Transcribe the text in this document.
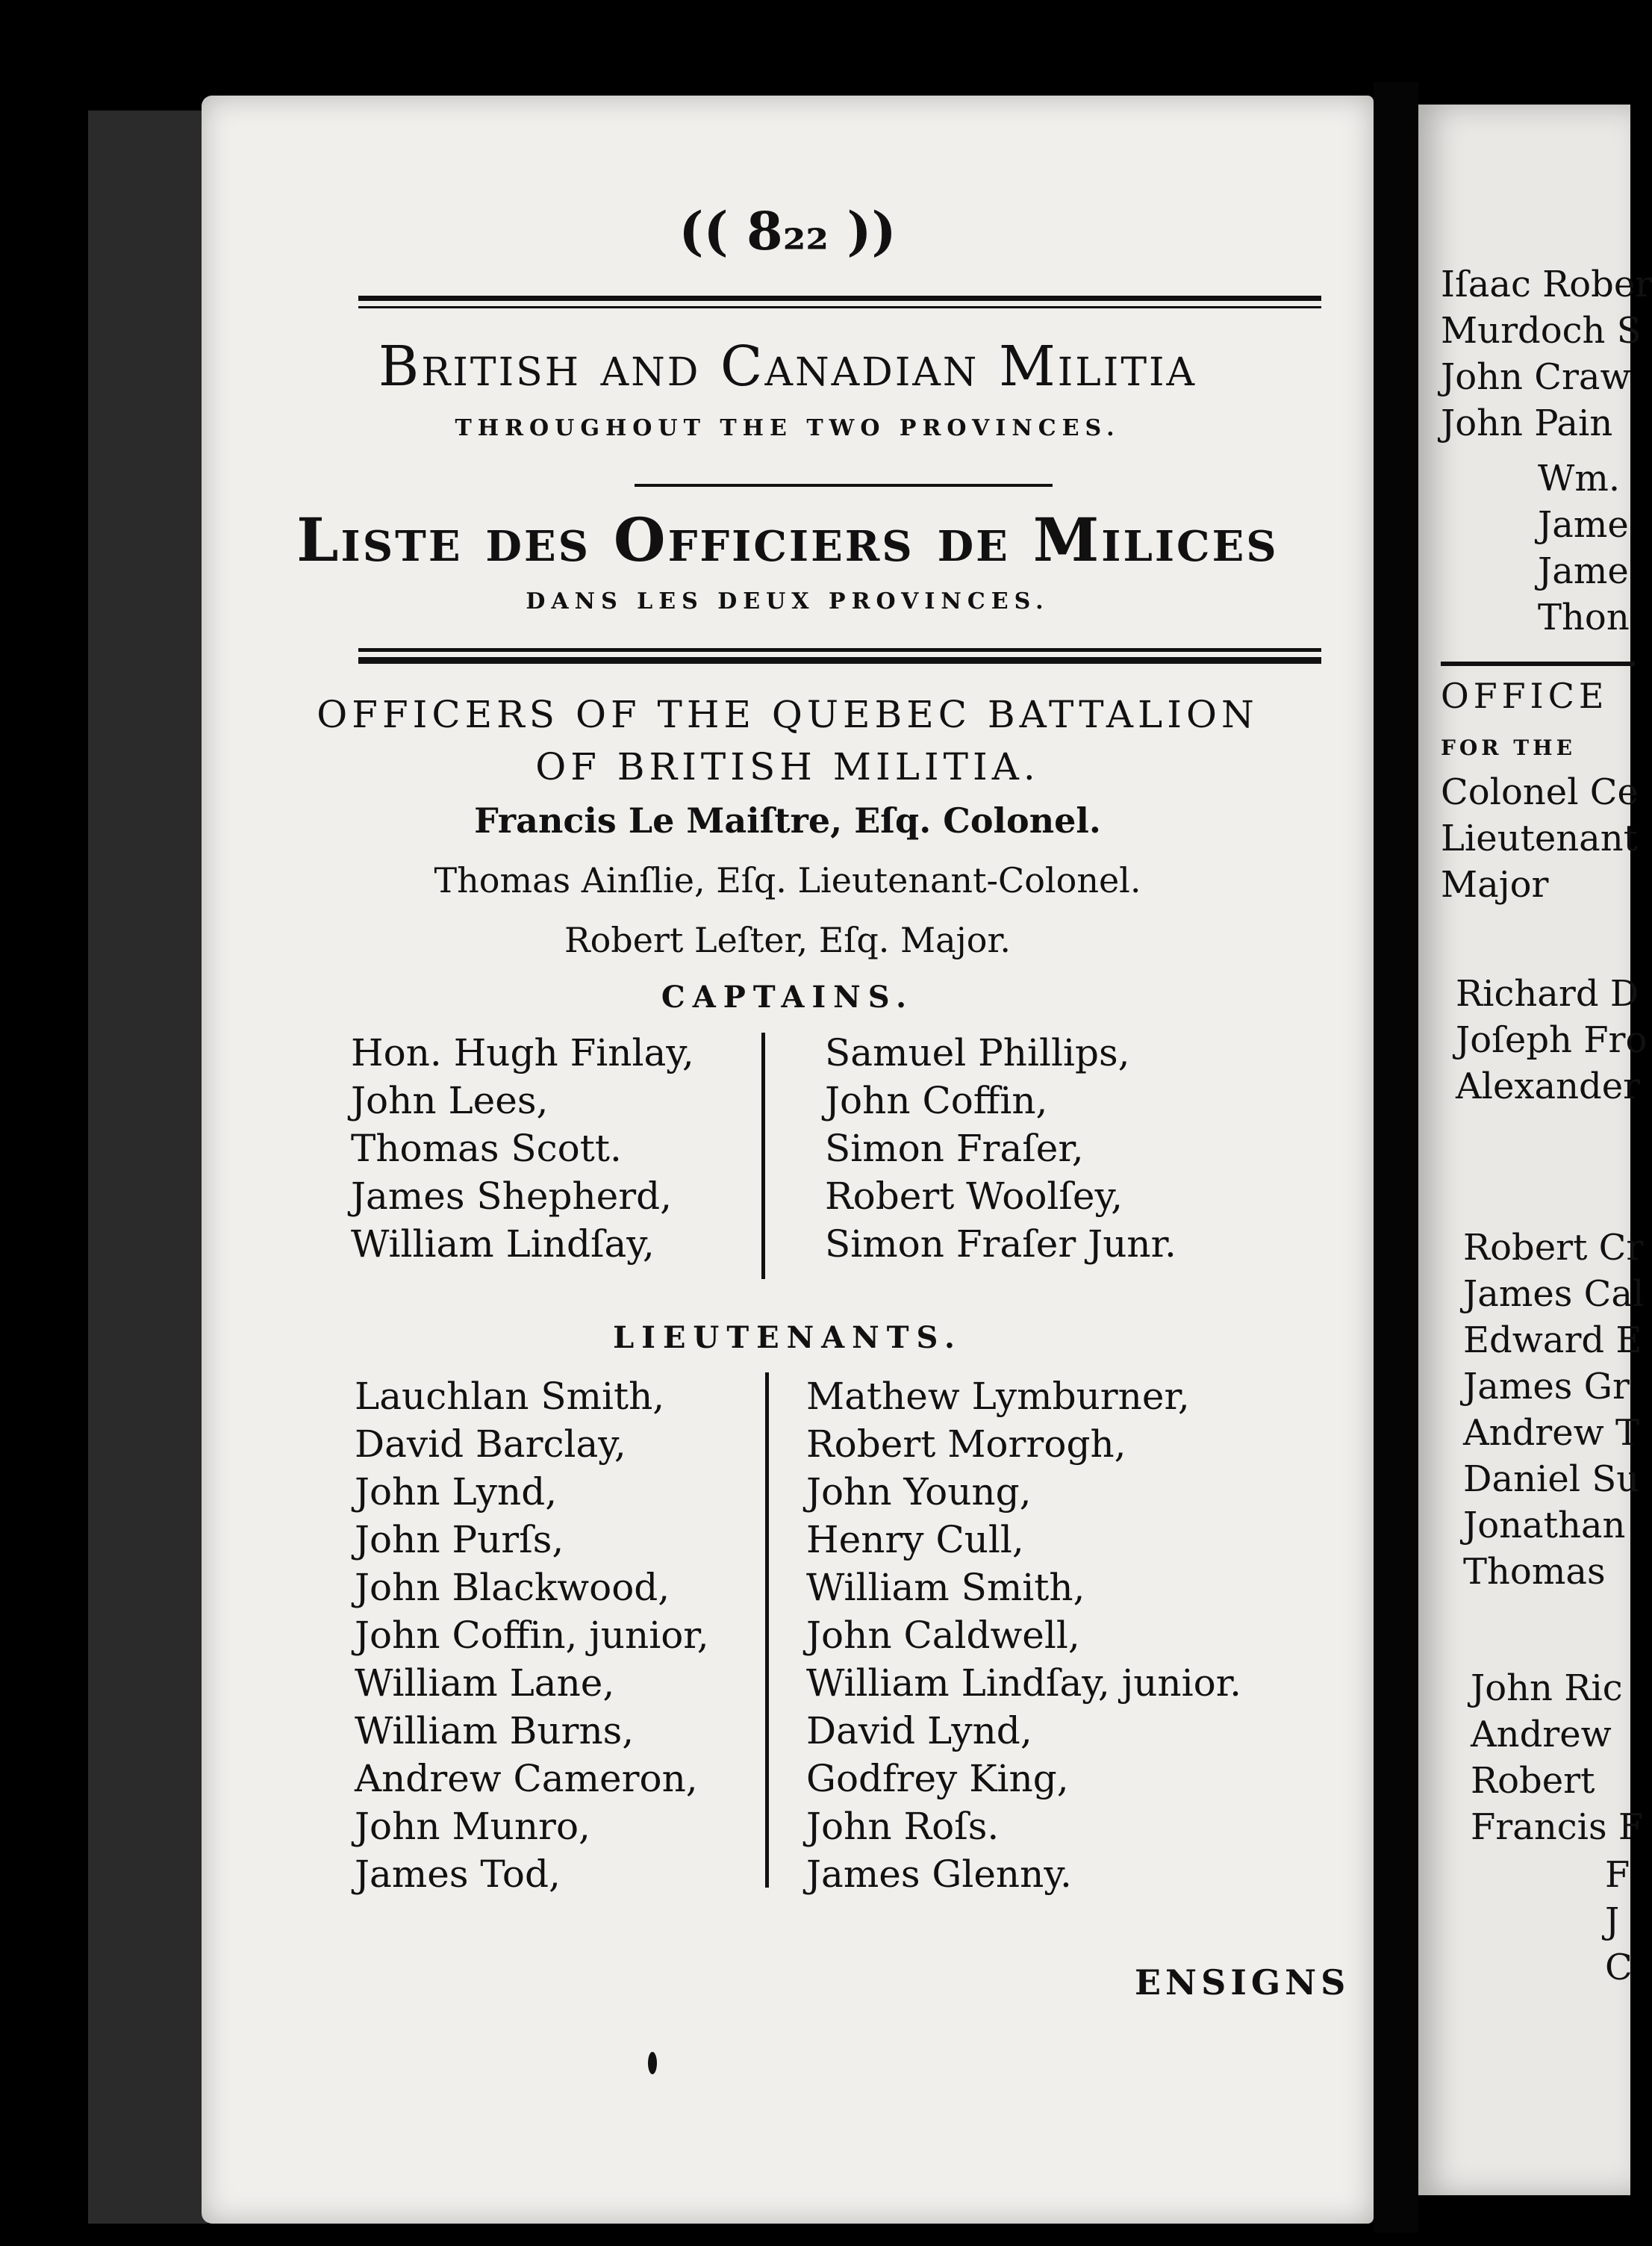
(( 8₂₂ ))
British and Canadian Militia
THROUGHOUT THE TWO PROVINCES.
Liste des Officiers de Milices
DANS LES DEUX PROVINCES.
OFFICERS OF THE QUEBEC BATTALION
OF BRITISH MILITIA.
Francis Le Maiſtre, Eſq. Colonel.
Thomas Ainſlie, Eſq. Lieutenant-Colonel.
Robert Leſter, Eſq. Major.
CAPTAINS.
Hon. Hugh Finlay,
John Lees,
Thomas Scott.
James Shepherd,
William Lindſay,
Samuel Phillips,
John Coffin,
Simon Fraſer,
Robert Woolſey,
Simon Fraſer Junr.
LIEUTENANTS.
Lauchlan Smith,
David Barclay,
John Lynd,
John Purſs,
John Blackwood,
John Coffin, junior,
William Lane,
William Burns,
Andrew Cameron,
John Munro,
James Tod,
Mathew Lymburner,
Robert Morrogh,
John Young,
Henry Cull,
William Smith,
John Caldwell,
William Lindſay, junior.
David Lynd,
Godfrey King,
John Roſs.
James Glenny.
ENSIGNS
Iſaac Rober
Murdoch S
John Craw
John Pain
Wm.
Jame
Jame
Thon
OFFICE
FOR THE
Colonel Ce
Lieutenant
Major
Richard D
Joſeph Fro
Alexander
Robert Cr
James Cal
Edward E
James Gr
Andrew T
Daniel Su
Jonathan
Thomas
John Ric
Andrew
Robert
Francis F
F
J
C
